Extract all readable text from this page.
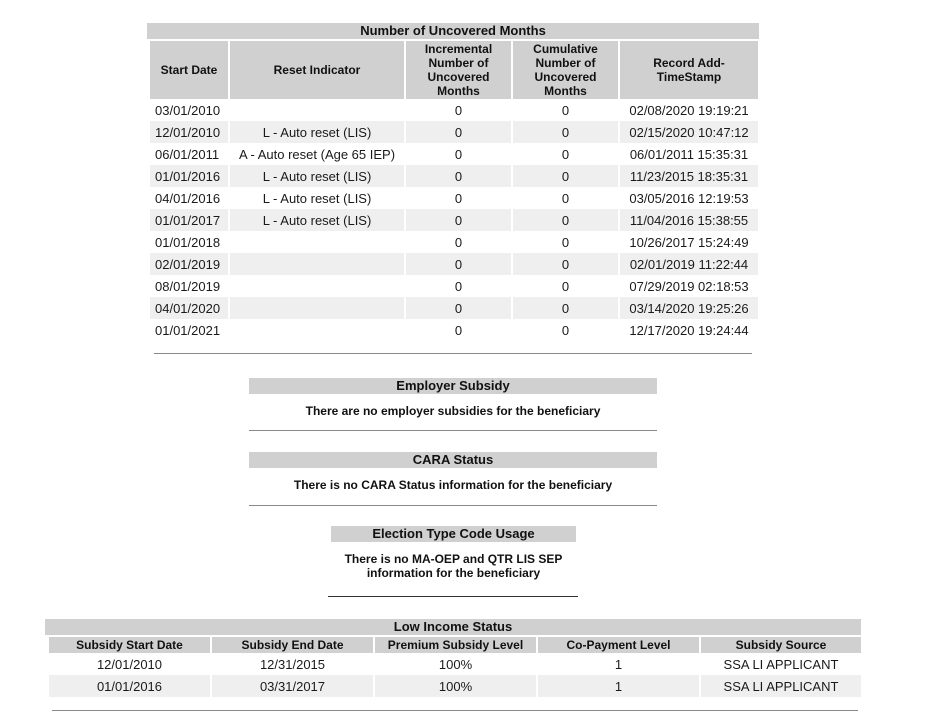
Number of Uncovered Months
Start Date	Reset Indicator	Incremental Number of Uncovered Months	Cumulative Number of Uncovered Months	Record Add-TimeStamp
03/01/2010		0	0	02/08/2020 19:19:21
12/01/2010	L - Auto reset (LIS)	0	0	02/15/2020 10:47:12
06/01/2011	A - Auto reset (Age 65 IEP)	0	0	06/01/2011 15:35:31
01/01/2016	L - Auto reset (LIS)	0	0	11/23/2015 18:35:31
04/01/2016	L - Auto reset (LIS)	0	0	03/05/2016 12:19:53
01/01/2017	L - Auto reset (LIS)	0	0	11/04/2016 15:38:55
01/01/2018		0	0	10/26/2017 15:24:49
02/01/2019		0	0	02/01/2019 11:22:44
08/01/2019		0	0	07/29/2019 02:18:53
04/01/2020		0	0	03/14/2020 19:25:26
01/01/2021		0	0	12/17/2020 19:24:44
Employer Subsidy
There are no employer subsidies for the beneficiary
CARA Status
There is no CARA Status information for the beneficiary
Election Type Code Usage
There is no MA-OEP and QTR LIS SEP
information for the beneficiary
Low Income Status
Subsidy Start Date	Subsidy End Date	Premium Subsidy Level	Co-Payment Level	Subsidy Source
12/01/2010	12/31/2015	100%	1	SSA LI APPLICANT
01/01/2016	03/31/2017	100%	1	SSA LI APPLICANT
